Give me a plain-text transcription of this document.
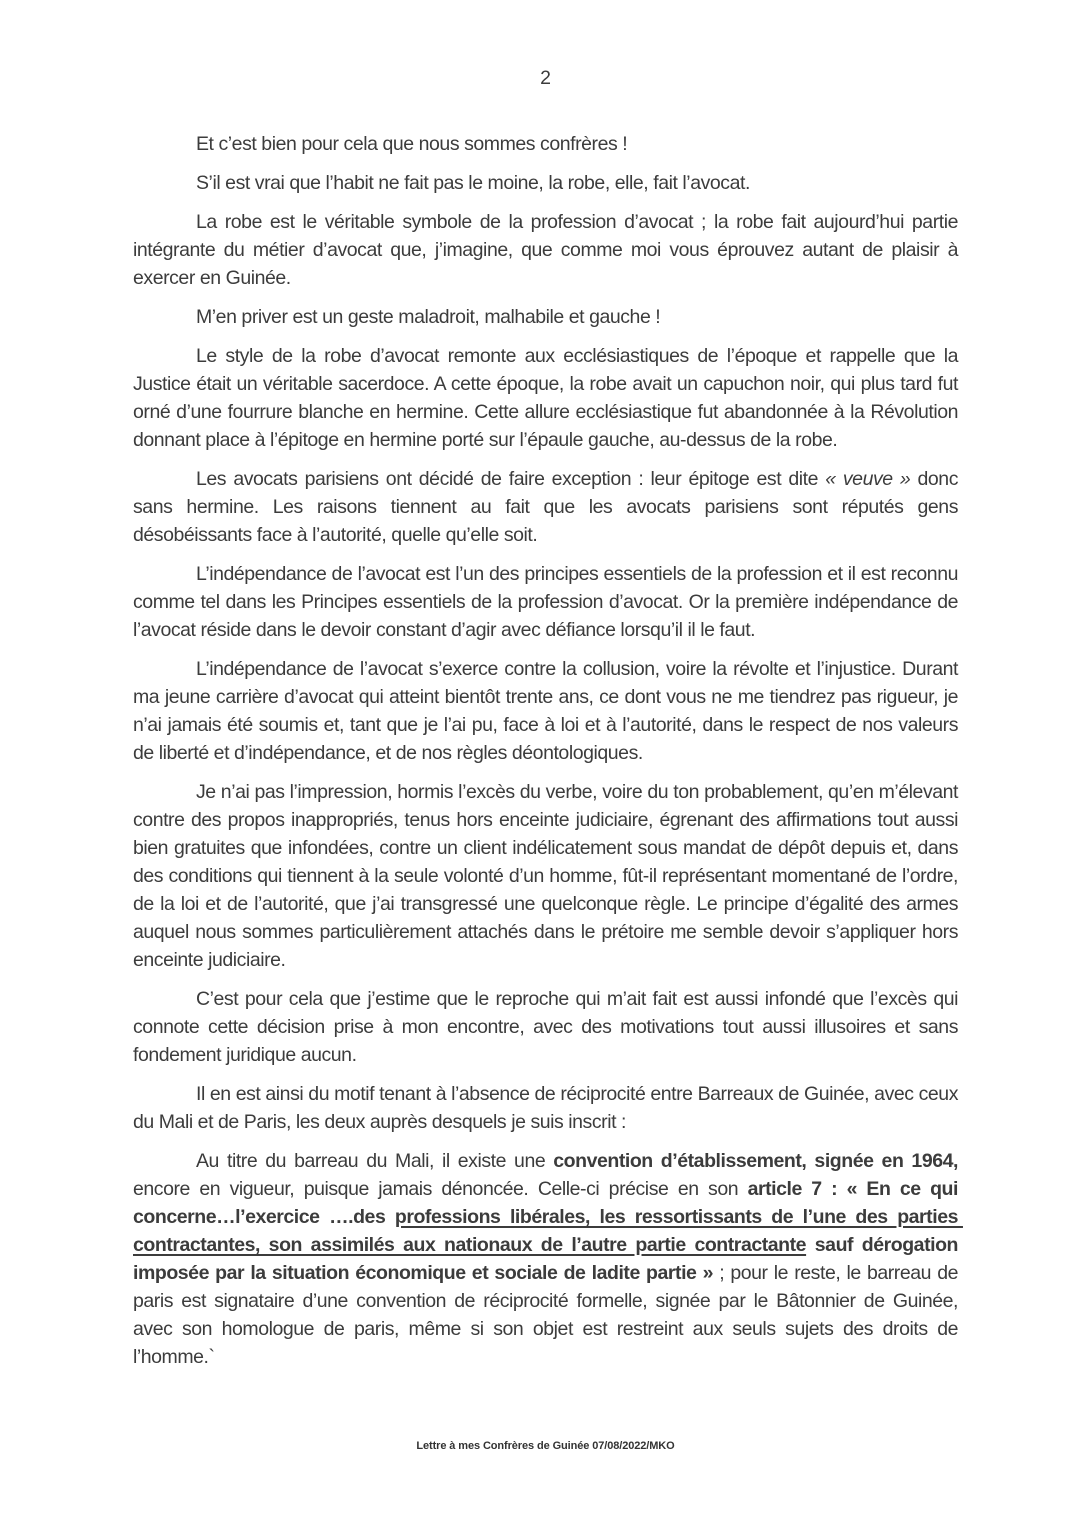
2

Et c’est bien pour cela que nous sommes confrères !

S’il est vrai que l’habit ne fait pas le moine, la robe, elle, fait l’avocat.

La robe est le véritable symbole de la profession d’avocat ; la robe fait aujourd’hui partie intégrante du métier d’avocat que, j’imagine, que comme moi vous éprouvez autant de plaisir à exercer en Guinée.

M’en priver est un geste maladroit, malhabile et gauche !

Le style de la robe d’avocat remonte aux ecclésiastiques de l’époque et rappelle que la Justice était un véritable sacerdoce. A cette époque, la robe avait un capuchon noir, qui plus tard fut orné d’une fourrure blanche en hermine. Cette allure ecclésiastique fut abandonnée à la Révolution donnant place à l’épitoge en hermine porté sur l’épaule gauche, au-dessus de la robe.

Les avocats parisiens ont décidé de faire exception : leur épitoge est dite « veuve » donc sans hermine. Les raisons tiennent au fait que les avocats parisiens sont réputés gens désobéissants face à l’autorité, quelle qu’elle soit.

L’indépendance de l’avocat est l’un des principes essentiels de la profession et il est reconnu comme tel dans les Principes essentiels de la profession d’avocat. Or la première indépendance de l’avocat réside dans le devoir constant d’agir avec défiance lorsqu’il il le faut.

L’indépendance de l’avocat s’exerce contre la collusion, voire la révolte et l’injustice. Durant ma jeune carrière d’avocat qui atteint bientôt trente ans, ce dont vous ne me tiendrez pas rigueur, je n’ai jamais été soumis et, tant que je l’ai pu, face à loi et à l’autorité, dans le respect de nos valeurs de liberté et d’indépendance, et de nos règles déontologiques.

Je n’ai pas l’impression, hormis l’excès du verbe, voire du ton probablement, qu’en m’élevant contre des propos inappropriés, tenus hors enceinte judiciaire, égrenant des affirmations tout aussi bien gratuites que infondées, contre un client indélicatement sous mandat de dépôt depuis et, dans des conditions qui tiennent à la seule volonté d’un homme, fût-il représentant momentané de l’ordre, de la loi et de l’autorité, que j’ai transgressé une quelconque règle. Le principe d’égalité des armes auquel nous sommes particulièrement attachés dans le prétoire me semble devoir s’appliquer hors enceinte judiciaire.

C’est pour cela que j’estime que le reproche qui m’ait fait est aussi infondé que l’excès qui connote cette décision prise à mon encontre, avec des motivations tout aussi illusoires et sans fondement juridique aucun.

Il en est ainsi du motif tenant à l’absence de réciprocité entre Barreaux de Guinée, avec ceux du Mali et de Paris, les deux auprès desquels je suis inscrit :

Au titre du barreau du Mali, il existe une convention d’établissement, signée en 1964, encore en vigueur, puisque jamais dénoncée. Celle-ci précise en son article 7 : « En ce qui concerne…l’exercice ….des professions libérales, les ressortissants de l’une des parties contractantes, son assimilés aux nationaux de l’autre partie contractante sauf dérogation imposée par la situation économique et sociale de ladite partie » ; pour le reste, le barreau de paris est signataire d’une convention de réciprocité formelle, signée par le Bâtonnier de Guinée, avec son homologue de paris, même si son objet est restreint aux seuls sujets des droits de l’homme.`

Lettre à mes Confrères de Guinée 07/08/2022/MKO
